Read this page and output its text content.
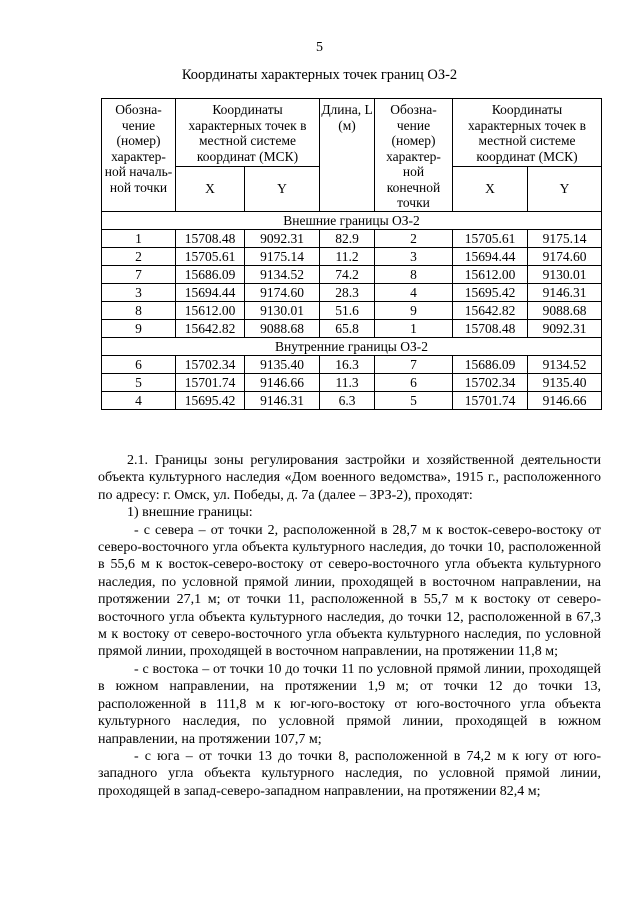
5
Координаты характерных точек границ ОЗ-2
Обозна-чение (номер) характер-ной началь-ной точки	Координаты характерных точек в местной системе координат (МСК)		Длина, L (м)	Обозна-чение (номер) характер-ной конечной точки	Координаты характерных точек в местной системе координат (МСК)	
	X	Y			X	Y
Внешние границы ОЗ-2						
1	15708.48	9092.31	82.9	2	15705.61	9175.14
2	15705.61	9175.14	11.2	3	15694.44	9174.60
7	15686.09	9134.52	74.2	8	15612.00	9130.01
3	15694.44	9174.60	28.3	4	15695.42	9146.31
8	15612.00	9130.01	51.6	9	15642.82	9088.68
9	15642.82	9088.68	65.8	1	15708.48	9092.31
Внутренние границы ОЗ-2						
6	15702.34	9135.40	16.3	7	15686.09	9134.52
5	15701.74	9146.66	11.3	6	15702.34	9135.40
4	15695.42	9146.31	6.3	5	15701.74	9146.66

2.1. Границы зоны регулирования застройки и хозяйственной деятельности объекта культурного наследия «Дом военного ведомства», 1915 г., расположенного по адресу: г. Омск, ул. Победы, д. 7а (далее – ЗРЗ-2), проходят:

1) внешние границы:

- с севера – от точки 2, расположенной в 28,7 м к восток-северо-востоку от северо-восточного угла объекта культурного наследия, до точки 10, расположенной в 55,6 м к восток-северо-востоку от северо-восточного угла объекта культурного наследия, по условной прямой линии, проходящей в восточном направлении, на протяжении 27,1 м; от точки 11, расположенной в 55,7 м к востоку от северо-восточного угла объекта культурного наследия, до точки 12, расположенной в 67,3 м к востоку от северо-восточного угла объекта культурного наследия, по условной прямой линии, проходящей в восточном направлении, на протяжении 11,8 м;

- с востока – от точки 10 до точки 11 по условной прямой линии, проходящей в южном направлении, на протяжении 1,9 м; от точки 12 до точки 13, расположенной в 111,8 м к юг-юго-востоку от юго-восточного угла объекта культурного наследия, по условной прямой линии, проходящей в южном направлении, на протяжении 107,7 м;

- с юга – от точки 13 до точки 8, расположенной в 74,2 м к югу от юго-западного угла объекта культурного наследия, по условной прямой линии, проходящей в запад-северо-западном направлении, на протяжении 82,4 м;
